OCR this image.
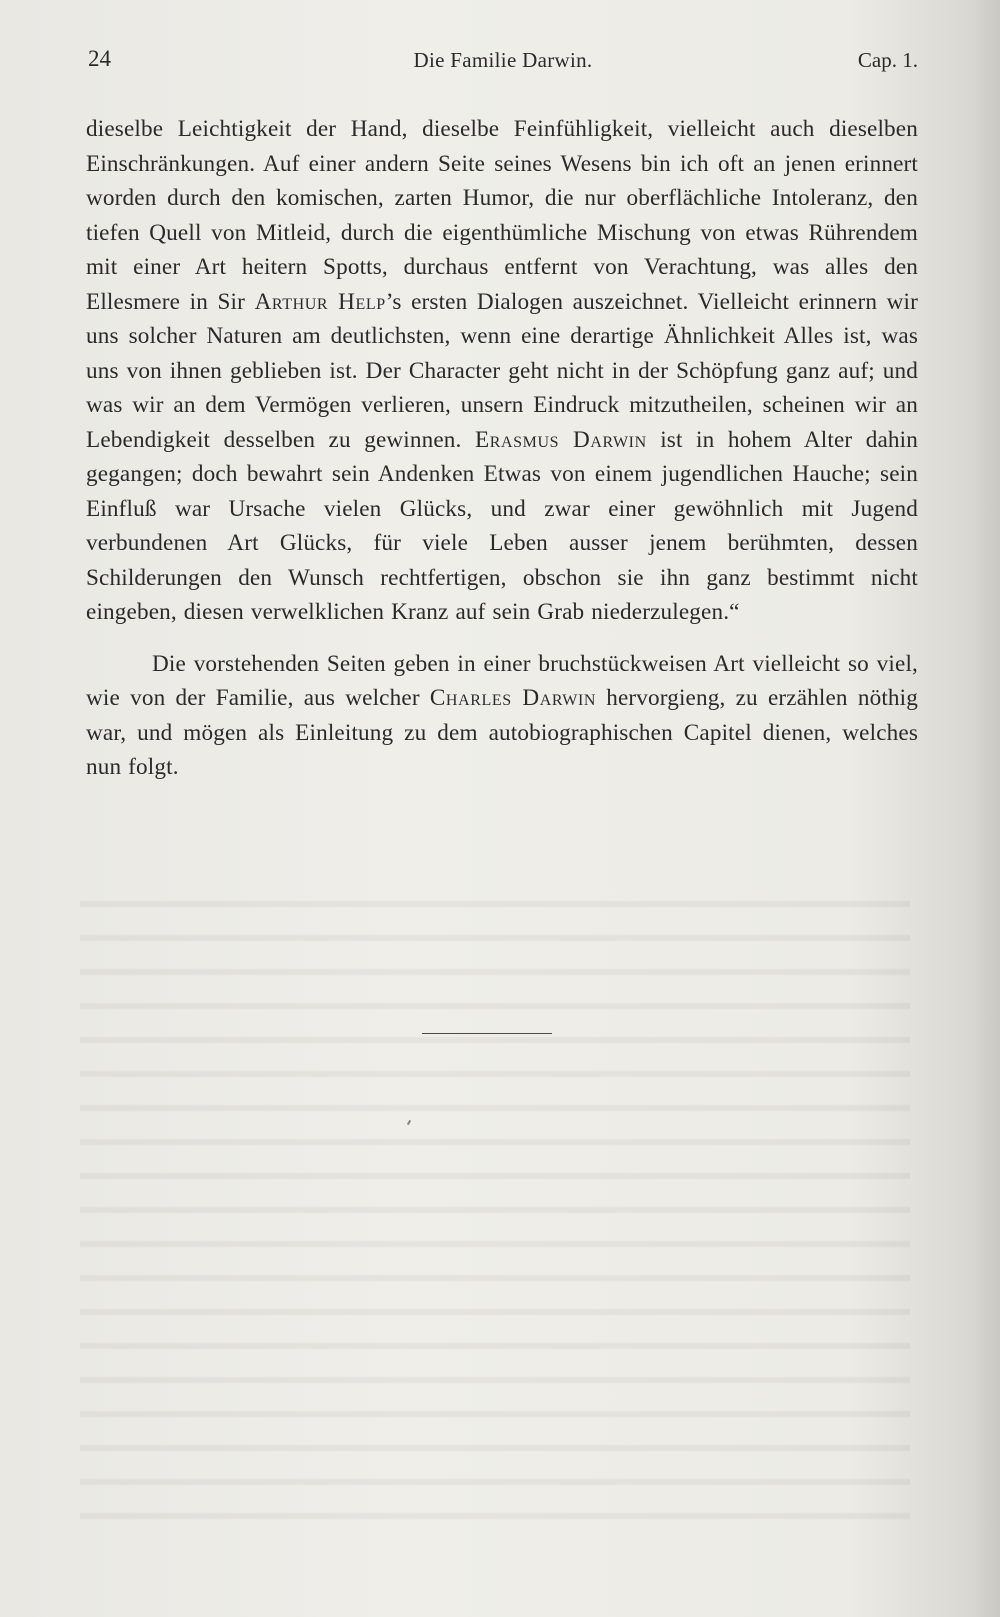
24	Die Familie Darwin.	Cap. 1.

dieselbe Leichtigkeit der Hand, dieselbe Feinfühligkeit, vielleicht auch dieselben Einschränkungen. Auf einer andern Seite seines Wesens bin ich oft an jenen erinnert worden durch den komischen, zarten Humor, die nur oberflächliche Intoleranz, den tiefen Quell von Mitleid, durch die eigenthümliche Mischung von etwas Rührendem mit einer Art heitern Spotts, durchaus entfernt von Verachtung, was alles den Ellesmere in Sir Arthur Help’s ersten Dialogen auszeichnet. Vielleicht erinnern wir uns solcher Naturen am deutlichsten, wenn eine derartige Ähnlichkeit Alles ist, was uns von ihnen geblieben ist. Der Character geht nicht in der Schöpfung ganz auf; und was wir an dem Vermögen verlieren, unsern Eindruck mitzutheilen, scheinen wir an Lebendigkeit desselben zu gewinnen. Erasmus Darwin ist in hohem Alter dahin gegangen; doch bewahrt sein Andenken Etwas von einem jugendlichen Hauche; sein Einfluß war Ursache vielen Glücks, und zwar einer gewöhnlich mit Jugend verbundenen Art Glücks, für viele Leben ausser jenem berühmten, dessen Schilderungen den Wunsch rechtfertigen, obschon sie ihn ganz bestimmt nicht eingeben, diesen verwelklichen Kranz auf sein Grab niederzulegen.“

Die vorstehenden Seiten geben in einer bruchstückweisen Art vielleicht so viel, wie von der Familie, aus welcher Charles Darwin hervorgieng, zu erzählen nöthig war, und mögen als Einleitung zu dem autobiographischen Capitel dienen, welches nun folgt.
